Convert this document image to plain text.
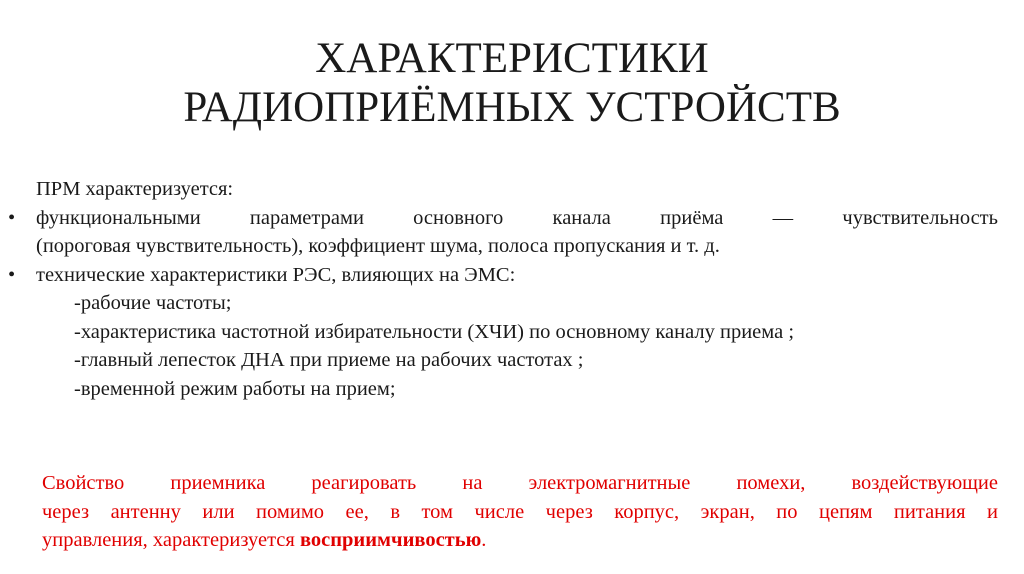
ХАРАКТЕРИСТИКИ
РАДИОПРИЁМНЫХ УСТРОЙСТВ
ПРМ характеризуется:
•	функциональными параметрами основного канала приёма — чувствительность
(пороговая чувствительность), коэффициент шума, полоса пропускания и т. д.
•	технические характеристики РЭС, влияющих на ЭМС:
-рабочие частоты;
-характеристика частотной избирательности (ХЧИ) по основному каналу приема ;
-главный лепесток ДНА при приеме на рабочих частотах ;
-временной режим работы на прием;
Свойство приемника реагировать на электромагнитные помехи, воздействующие
через антенну или помимо ее, в том числе через корпус, экран, по цепям питания и
управления, характеризуется восприимчивостью.
